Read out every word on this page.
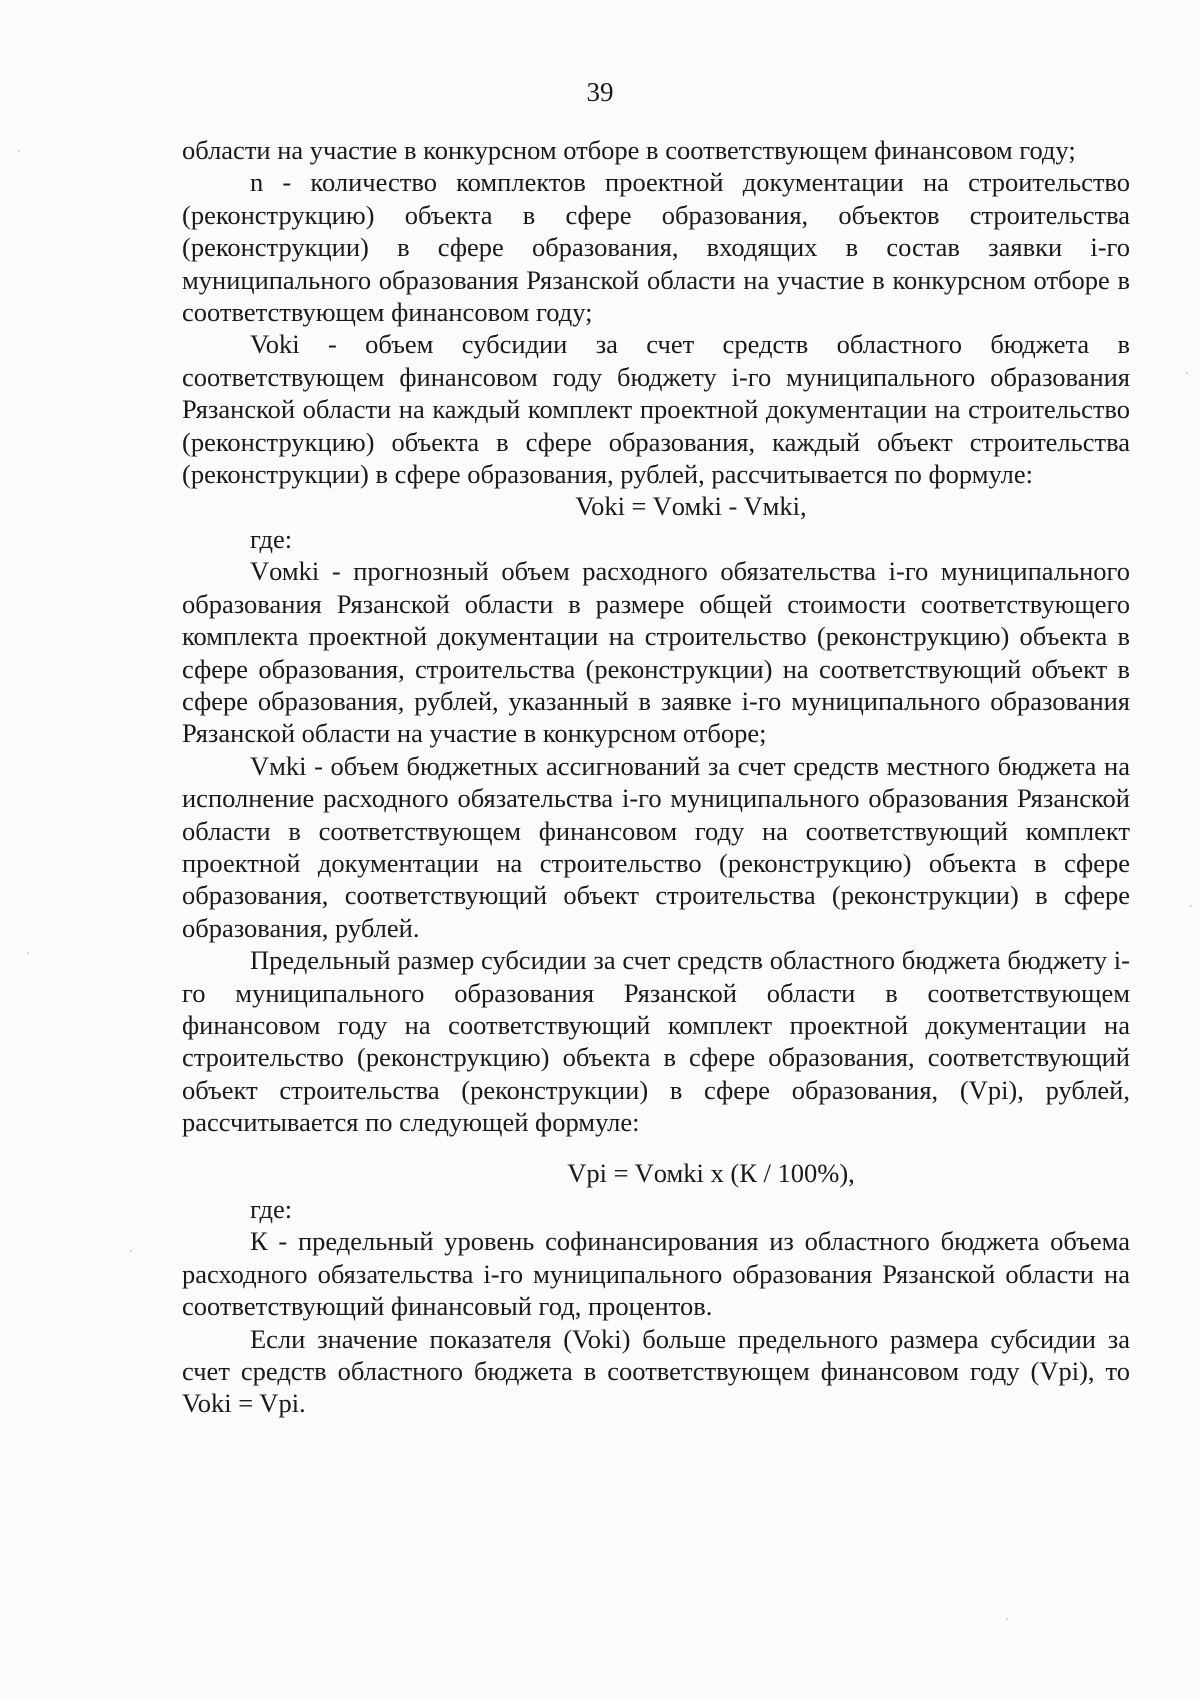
39

области на участие в конкурсном отборе в соответствующем финансовом году;

n - количество комплектов проектной документации на строительство (реконструкцию) объекта в сфере образования, объектов строительства (реконструкции) в сфере образования, входящих в состав заявки i-го муниципального образования Рязанской области на участие в конкурсном отборе в соответствующем финансовом году;

Voki - объем субсидии за счет средств областного бюджета в соответствующем финансовом году бюджету i-го муниципального образования Рязанской области на каждый комплект проектной документации на строительство (реконструкцию) объекта в сфере образования, каждый объект строительства (реконструкции) в сфере образования, рублей, рассчитывается по формуле:

Voki = Vомki - Vмki,

где:

Vомki - прогнозный объем расходного обязательства i-го муниципального образования Рязанской области в размере общей стоимости соответствующего комплекта проектной документации на строительство (реконструкцию) объекта в сфере образования, строительства (реконструкции) на соответствующий объект в сфере образования, рублей, указанный в заявке i-го муниципального образования Рязанской области на участие в конкурсном отборе;

Vмki - объем бюджетных ассигнований за счет средств местного бюджета на исполнение расходного обязательства i-го муниципального образования Рязанской области в соответствующем финансовом году на соответствующий комплект проектной документации на строительство (реконструкцию) объекта в сфере образования, соответствующий объект строительства (реконструкции) в сфере образования, рублей.

Предельный размер субсидии за счет средств областного бюджета бюджету i-го муниципального образования Рязанской области в соответствующем финансовом году на соответствующий комплект проектной документации на строительство (реконструкцию) объекта в сфере образования, соответствующий объект строительства (реконструкции) в сфере образования, (Vpi), рублей, рассчитывается по следующей формуле:

Vpi = Vомki x (К / 100%),

где:

К - предельный уровень софинансирования из областного бюджета объема расходного обязательства i-го муниципального образования Рязанской области на соответствующий финансовый год, процентов.

Если значение показателя (Voki) больше предельного размера субсидии за счет средств областного бюджета в соответствующем финансовом году (Vpi), то Voki = Vpi.
